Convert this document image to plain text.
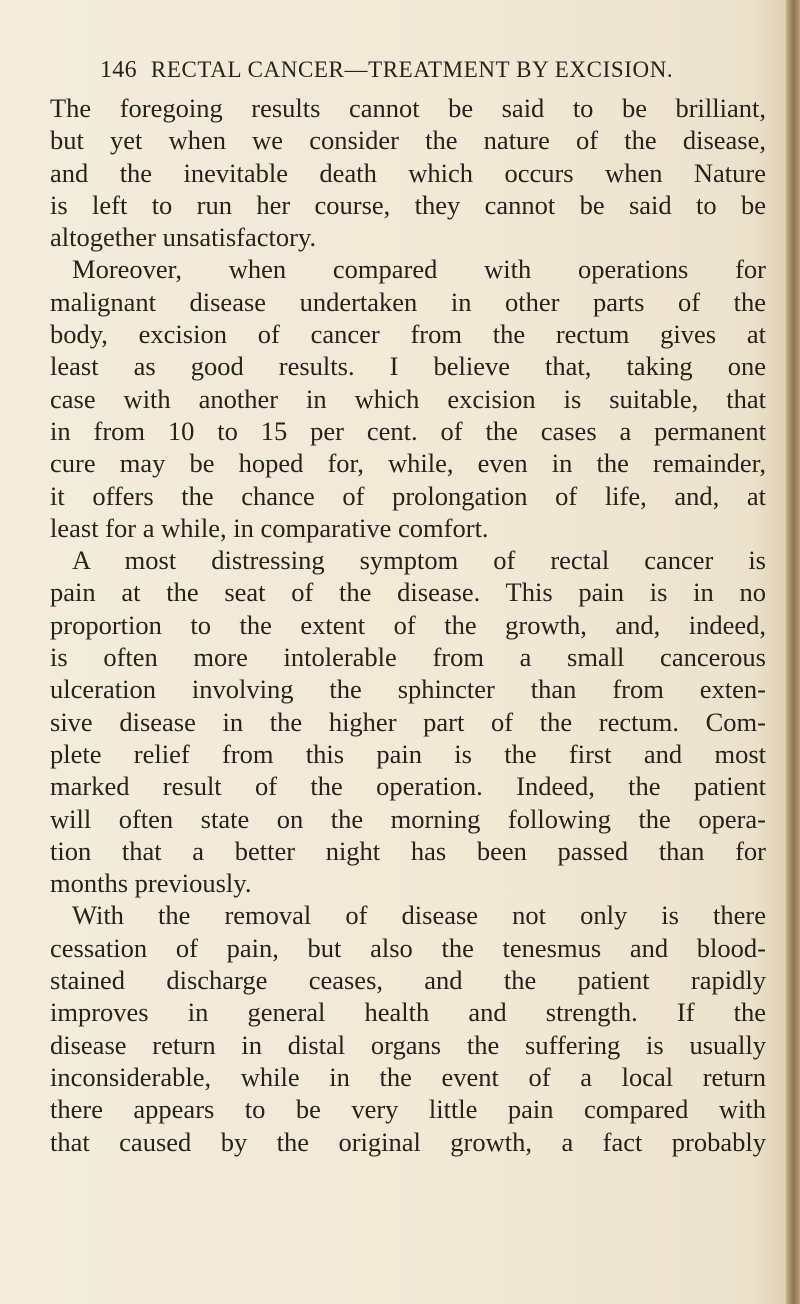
146 RECTAL CANCER—TREATMENT BY EXCISION.
The foregoing results cannot be said to be brilliant,
but yet when we consider the nature of the disease,
and the inevitable death which occurs when Nature
is left to run her course, they cannot be said to be
altogether unsatisfactory.
Moreover, when compared with operations for
malignant disease undertaken in other parts of the
body, excision of cancer from the rectum gives at
least as good results. I believe that, taking one
case with another in which excision is suitable, that
in from 10 to 15 per cent. of the cases a permanent
cure may be hoped for, while, even in the remainder,
it offers the chance of prolongation of life, and, at
least for a while, in comparative comfort.
A most distressing symptom of rectal cancer is
pain at the seat of the disease. This pain is in no
proportion to the extent of the growth, and, indeed,
is often more intolerable from a small cancerous
ulceration involving the sphincter than from exten-
sive disease in the higher part of the rectum. Com-
plete relief from this pain is the first and most
marked result of the operation. Indeed, the patient
will often state on the morning following the opera-
tion that a better night has been passed than for
months previously.
With the removal of disease not only is there
cessation of pain, but also the tenesmus and blood-
stained discharge ceases, and the patient rapidly
improves in general health and strength. If the
disease return in distal organs the suffering is usually
inconsiderable, while in the event of a local return
there appears to be very little pain compared with
that caused by the original growth, a fact probably
